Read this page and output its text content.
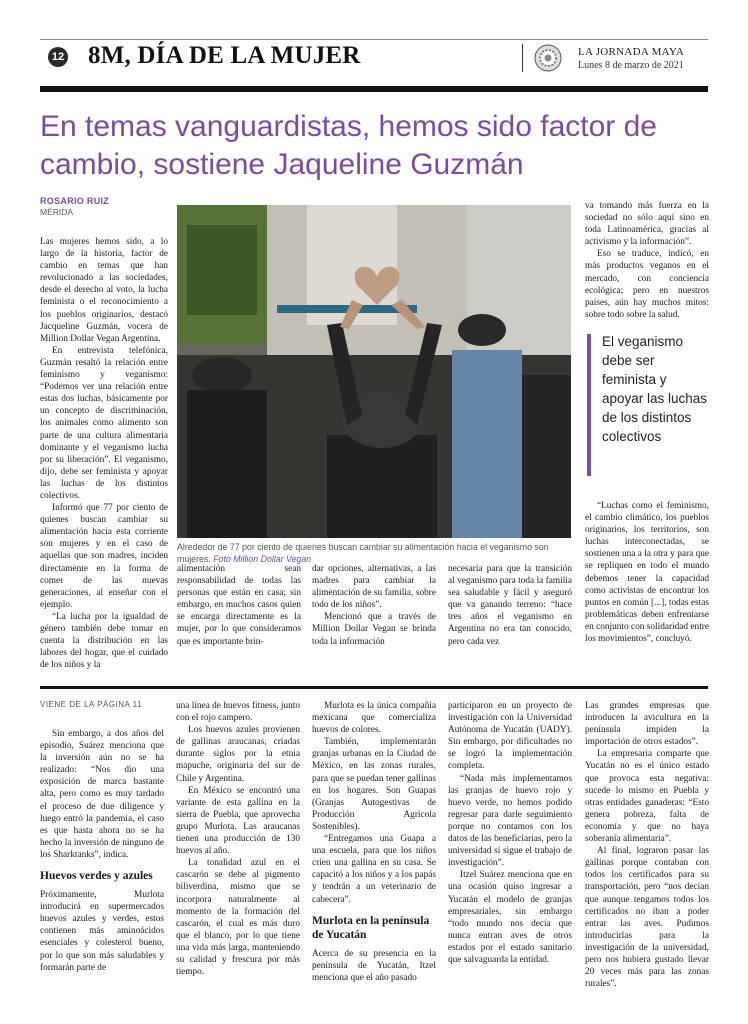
12 8M, DÍA DE LA MUJER	LA JORNADA MAYA
Lunes 8 de marzo de 2021
En temas vanguardistas, hemos sido factor de cambio, sostiene Jaqueline Guzmán
ROSARIO RUIZ
MÉRIDA

Las mujeres hemos sido, a lo largo de la historia, factor de cambio en temas que han revolucionado a las sociedades, desde el derecho al voto, la lucha feminista o el reconocimiento a los pueblos originarios, destacó Jacqueline Guzmán, vocera de Million Dollar Vegan Argentina.

En entrevista telefónica, Guzmán resaltó la relación entre feminismo y veganismo: “Podemos ver una relación entre estas dos luchas, básicamente por un concepto de discriminación, los animales como alimento son parte de una cultura alimentaria dominante y el veganismo lucha por su liberación”. El veganismo, dijo, debe ser feminista y apoyar las luchas de los distintos colectivos.

Informó que 77 por ciento de quienes buscan cambiar su alimentación hacia esta corriente son mujeres y en el caso de aquellas que son madres, inciden directamente en la forma de comer de las nuevas generaciones, al enseñar con el ejemplo.

“La lucha por la igualdad de género también debe tomar en cuenta la distribución en las labores del hogar, que el cuidado de los niños y la

Alrededor de 77 por ciento de quienes buscan cambiar su alimentación hacia el veganismo son mujeres. Foto Million Dollar Vegan

alimentación sean responsabilidad de todas las personas que están en casa; sin embargo, en muchos casos quien se encarga directamente es la mujer, por lo que consideramos que es importante brin-

dar opciones, alternativas, a las madres para cambiar la alimentación de su familia, sobre todo de los niños”.

Mencionó que a través de Million Dollar Vegan se brinda toda la información

necesaria para que la transición al veganismo para toda la familia sea saludable y fácil y aseguró que va ganando terreno: “hace tres años el veganismo en Argentina no era tan conocido, pero cada vez

va tomando más fuerza en la sociedad no sólo aquí sino en toda Latinoamérica, gracias al activismo y la información”.

Eso se traduce, indicó, en más productos veganos en el mercado, con conciencia ecológica; pero en nuestros países, aún hay muchos mitos: sobre todo sobre la salud.

El veganismo debe ser feminista y apoyar las luchas de los distintos colectivos

“Luchas como el feminismo, el cambio climático, los pueblos originarios, los territorios, son luchas interconectadas, se sostienen una a la otra y para que se repliquen en todo el mundo debemos tener la capacidad como activistas de encontrar los puntos en común [...], todas estas problemáticas deben enfrentarse en conjunto con solidaridad entre los movimientos”, concluyó.

VIENE DE LA PÁGINA 11

Sin embargo, a dos años del episodio, Suárez menciona que la inversión aún no se ha realizado: “Nos dio una exposición de marca bastante alta, pero como es muy tardado el proceso de due diligence y luego entró la pandemia, el caso es que hasta ahora no se ha hecho la inversión de ninguno de los Sharktanks”, indica.

Huevos verdes y azules

Próximamente, Murlota introducirá en supermercados huevos azules y verdes, estos contienen más aminoácidos esenciales y colesterol bueno, por lo que son más saludables y formarán parte de

una línea de huevos fitness, junto con el rojo campero.

Los huevos azules provienen de gallinas araucanas, criadas durante siglos por la etnia mapuche, originaria del sur de Chile y Argentina.

En México se encontró una variante de esta gallina en la sierra de Puebla, que aprovecha grupo Murlota. Las araucanas tienen una producción de 130 huevos al año.

La tonalidad azul en el cascarón se debe al pigmento biliverdina, mismo que se incorpora naturalmente al momento de la formación del cascarón, el cual es más duro que el blanco, por lo que tiene una vida más larga, manteniendo su calidad y frescura por más tiempo.

Murlota es la única compañía mexicana que comercializa huevos de colores.

También, implementarán granjas urbanas en la Ciudad de México, en las zonas rurales, para que se puedan tener gallinas en los hogares. Son Guapas (Granjas Autogestivas de Producción Agrícola Sostenibles).

“Entregamos una Guapa a una escuela, para que los niños críen una gallina en su casa. Se capacitó a los niños y a los papás y tendrán a un veterinario de cabecera”.

Murlota en la península de Yucatán

Acerca de su presencia en la península de Yucatán, Itzel menciona que el año pasado

participaron en un proyecto de investigación con la Universidad Autónoma de Yucatán (UADY). Sin embargo, por dificultades no se logró la implementación completa.

“Nada más implementamos las granjas de huevo rojo y huevo verde, no hemos podido regresar para darle seguimiento porque no contamos con los datos de las beneficiarias, pero la universidad sí sigue el trabajo de investigación”.

Itzel Suárez menciona que en una ocasión quiso ingresar a Yucatán el modelo de granjas empresariales, sin embargo “todo mundo nos decía que nunca entran aves de otros estados por el estado sanitario que salvaguarda la entidad.

Las grandes empresas que introducen la avicultura en la península impiden la importación de otros estados”.

La empresaria comparte que Yucatán no es el único estado que provoca esta negativa: sucede lo mismo en Puebla y otras entidades ganaderas: “Esto genera pobreza, falta de economía y que no haya soberanía alimentaria”.

Al final, lograron pasar las gallinas porque contaban con todos los certificados para su transportación, pero “nos decían que aunque tengamos todos los certificados no iban a poder entrar las aves. Pudimos introducirlas para la investigación de la universidad, pero nos hubiera gustado llevar 20 veces más para las zonas rurales”.
